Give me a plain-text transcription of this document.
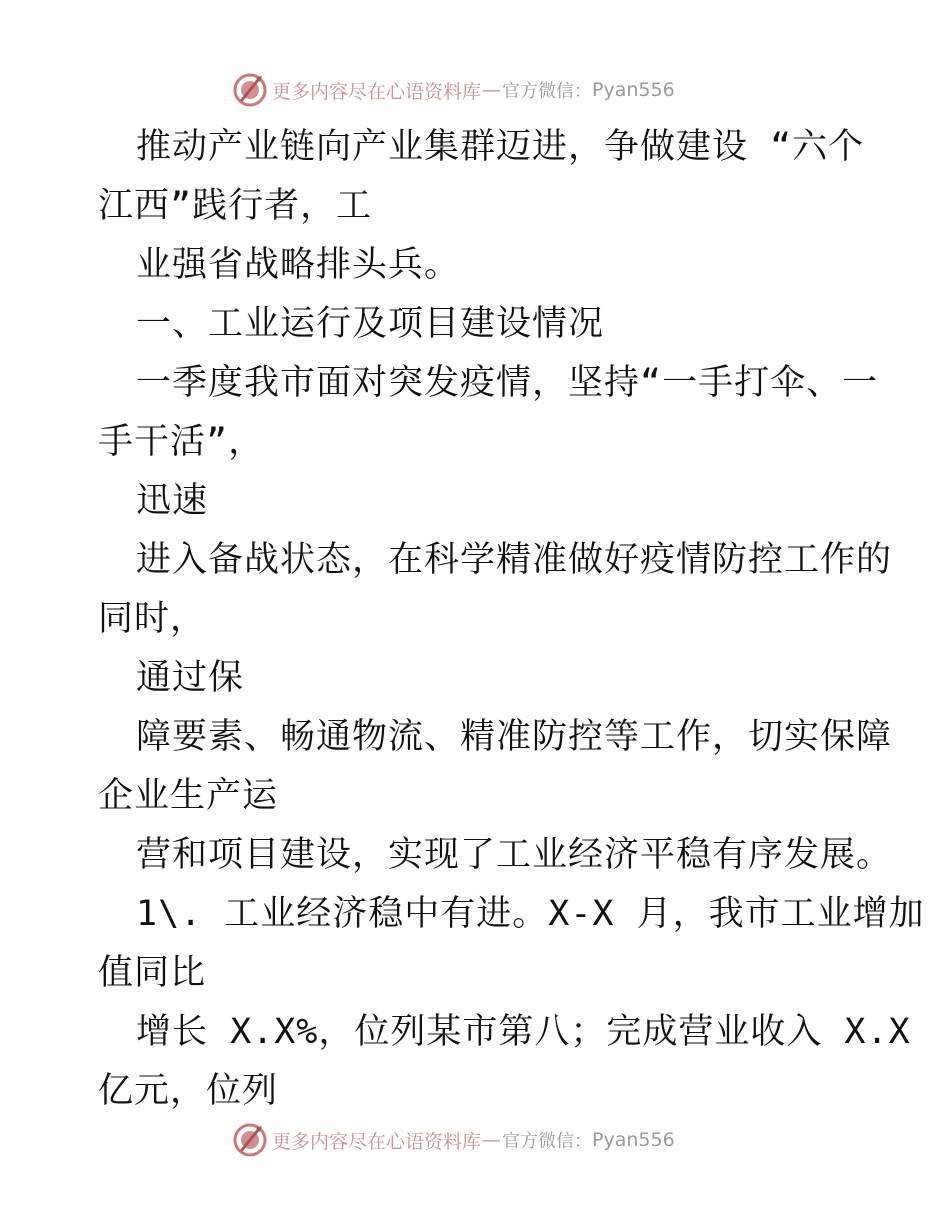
更多内容尽在心语资料库 — 官方微信： Pyan556
推动产业链向产业集群迈进，争做建设 “六个
江西”践行者，工
业强省战略排头兵。
一、工业运行及项目建设情况
一季度我市面对突发疫情，坚持“一手打伞、一
手干活”，
迅速
进入备战状态，在科学精准做好疫情防控工作的
同时，
通过保
障要素、畅通物流、精准防控等工作，切实保障
企业生产运
营和项目建设，实现了工业经济平稳有序发展。
1\. 工业经济稳中有进。X-X 月，我市工业增加
值同比
增长 X.X%，位列某市第八；完成营业收入 X.X
亿元，位列
更多内容尽在心语资料库 — 官方微信： Pyan556
